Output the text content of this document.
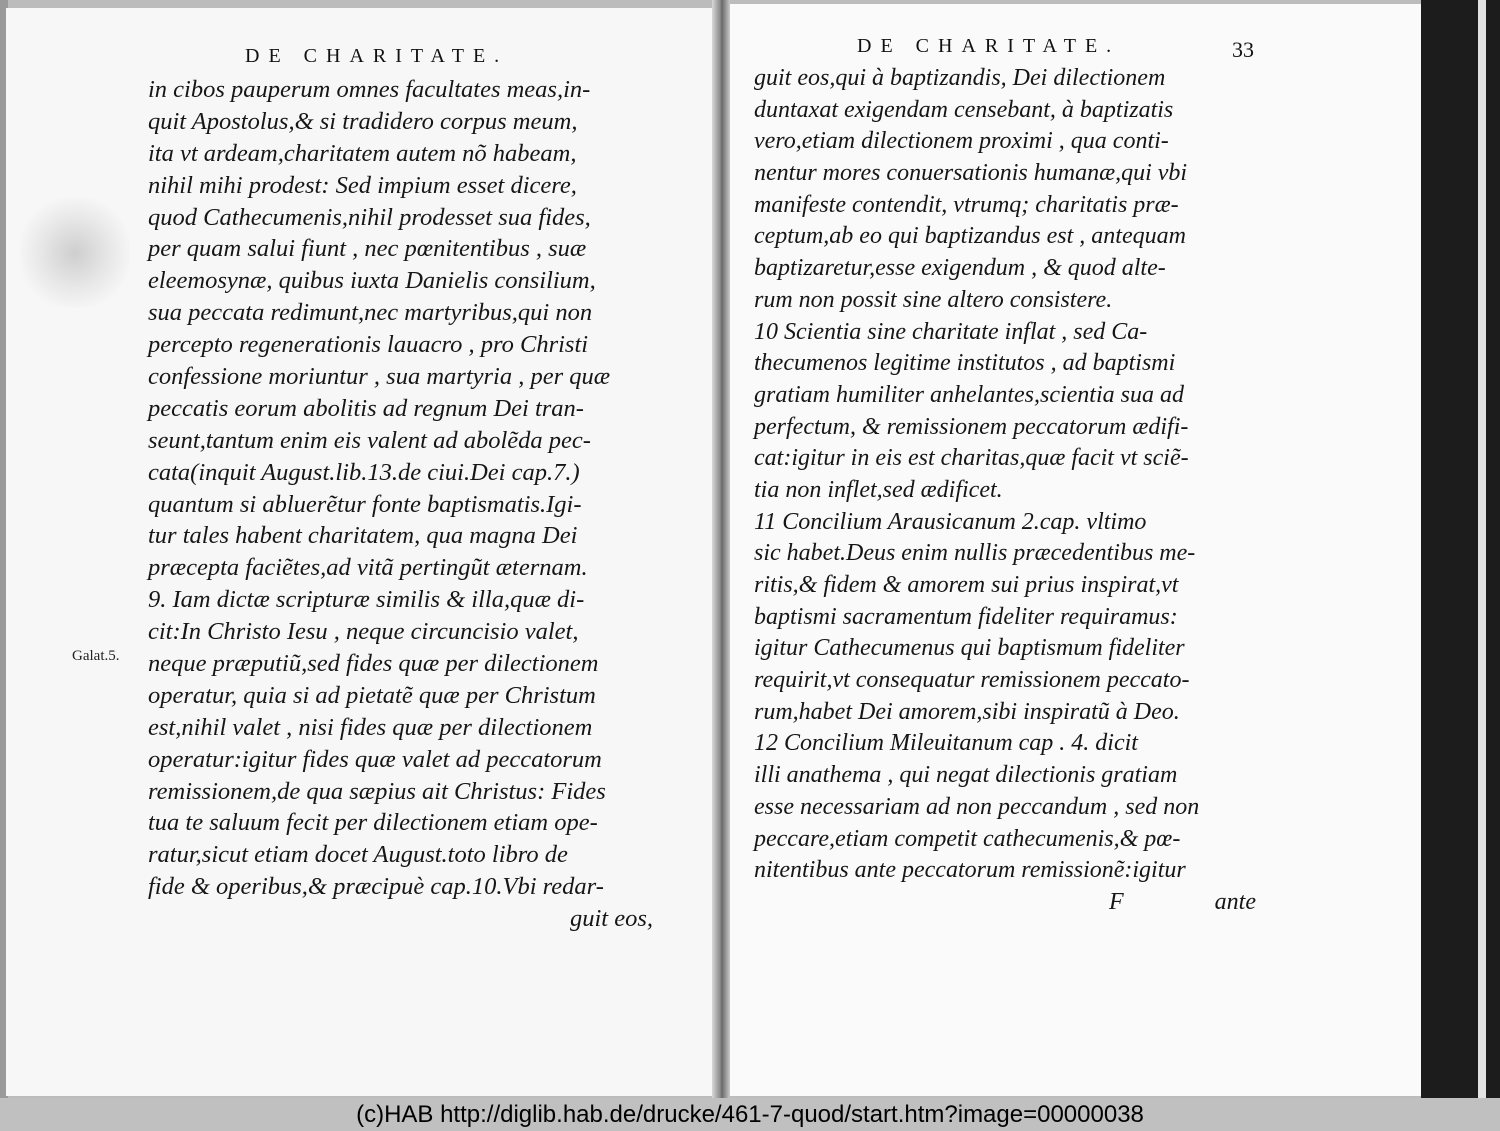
DE CHARITATE.	DE CHARITATE.	33
Galat.5.
in cibos pauperum omnes facultates meas,in-
quit Apostolus,& si tradidero corpus meum,
ita vt ardeam,charitatem autem nõ habeam,
nihil mihi prodest: Sed impium esset dicere,
quod Cathecumenis,nihil prodesset sua fides,
per quam salui fiunt , nec pœnitentibus , suæ
eleemosynæ, quibus iuxta Danielis consilium,
sua peccata redimunt,nec martyribus,qui non
percepto regenerationis lauacro , pro Christi
confessione moriuntur , sua martyria , per quæ
peccatis eorum abolitis ad regnum Dei tran-
seunt,tantum enim eis valent ad abolẽda pec-
cata(inquit August.lib.13.de ciui.Dei cap.7.)
quantum si abluerẽtur fonte baptismatis.Igi-
tur tales habent charitatem, qua magna Dei
præcepta faciẽtes,ad vitã pertingũt æternam.
9. Iam dictæ scripturæ similis & illa,quæ di-
cit:In Christo Iesu , neque circuncisio valet,
neque præputiũ,sed fides quæ per dilectionem
operatur, quia si ad pietatẽ quæ per Christum
est,nihil valet , nisi fides quæ per dilectionem
operatur:igitur fides quæ valet ad peccatorum
remissionem,de qua sæpius ait Christus: Fides
tua te saluum fecit per dilectionem etiam ope-
ratur,sicut etiam docet August.toto libro de
fide & operibus,& præcipuè cap.10.Vbi redar-
guit eos,
guit eos,qui à baptizandis, Dei dilectionem
duntaxat exigendam censebant, à baptizatis
vero,etiam dilectionem proximi , qua conti-
nentur mores conuersationis humanæ,qui vbi
manifeste contendit, vtrumq; charitatis præ-
ceptum,ab eo qui baptizandus est , antequam
baptizaretur,esse exigendum , & quod alte-
rum non possit sine altero consistere.
10 Scientia sine charitate inflat , sed Ca-
thecumenos legitime institutos , ad baptismi
gratiam humiliter anhelantes,scientia sua ad
perfectum, & remissionem peccatorum ædifi-
cat:igitur in eis est charitas,quæ facit vt sciẽ-
tia non inflet,sed ædificet.
11 Concilium Arausicanum 2.cap. vltimo
sic habet.Deus enim nullis præcedentibus me-
ritis,& fidem & amorem sui prius inspirat,vt
baptismi sacramentum fideliter requiramus:
igitur Cathecumenus qui baptismum fideliter
requirit,vt consequatur remissionem peccato-
rum,habet Dei amorem,sibi inspiratũ à Deo.
12 Concilium Mileuitanum cap . 4. dicit
illi anathema , qui negat dilectionis gratiam
esse necessariam ad non peccandum , sed non
peccare,etiam competit cathecumenis,& pœ-
nitentibus ante peccatorum remissionẽ:igitur
F	ante
(c)HAB http://diglib.hab.de/drucke/461-7-quod/start.htm?image=00000038
